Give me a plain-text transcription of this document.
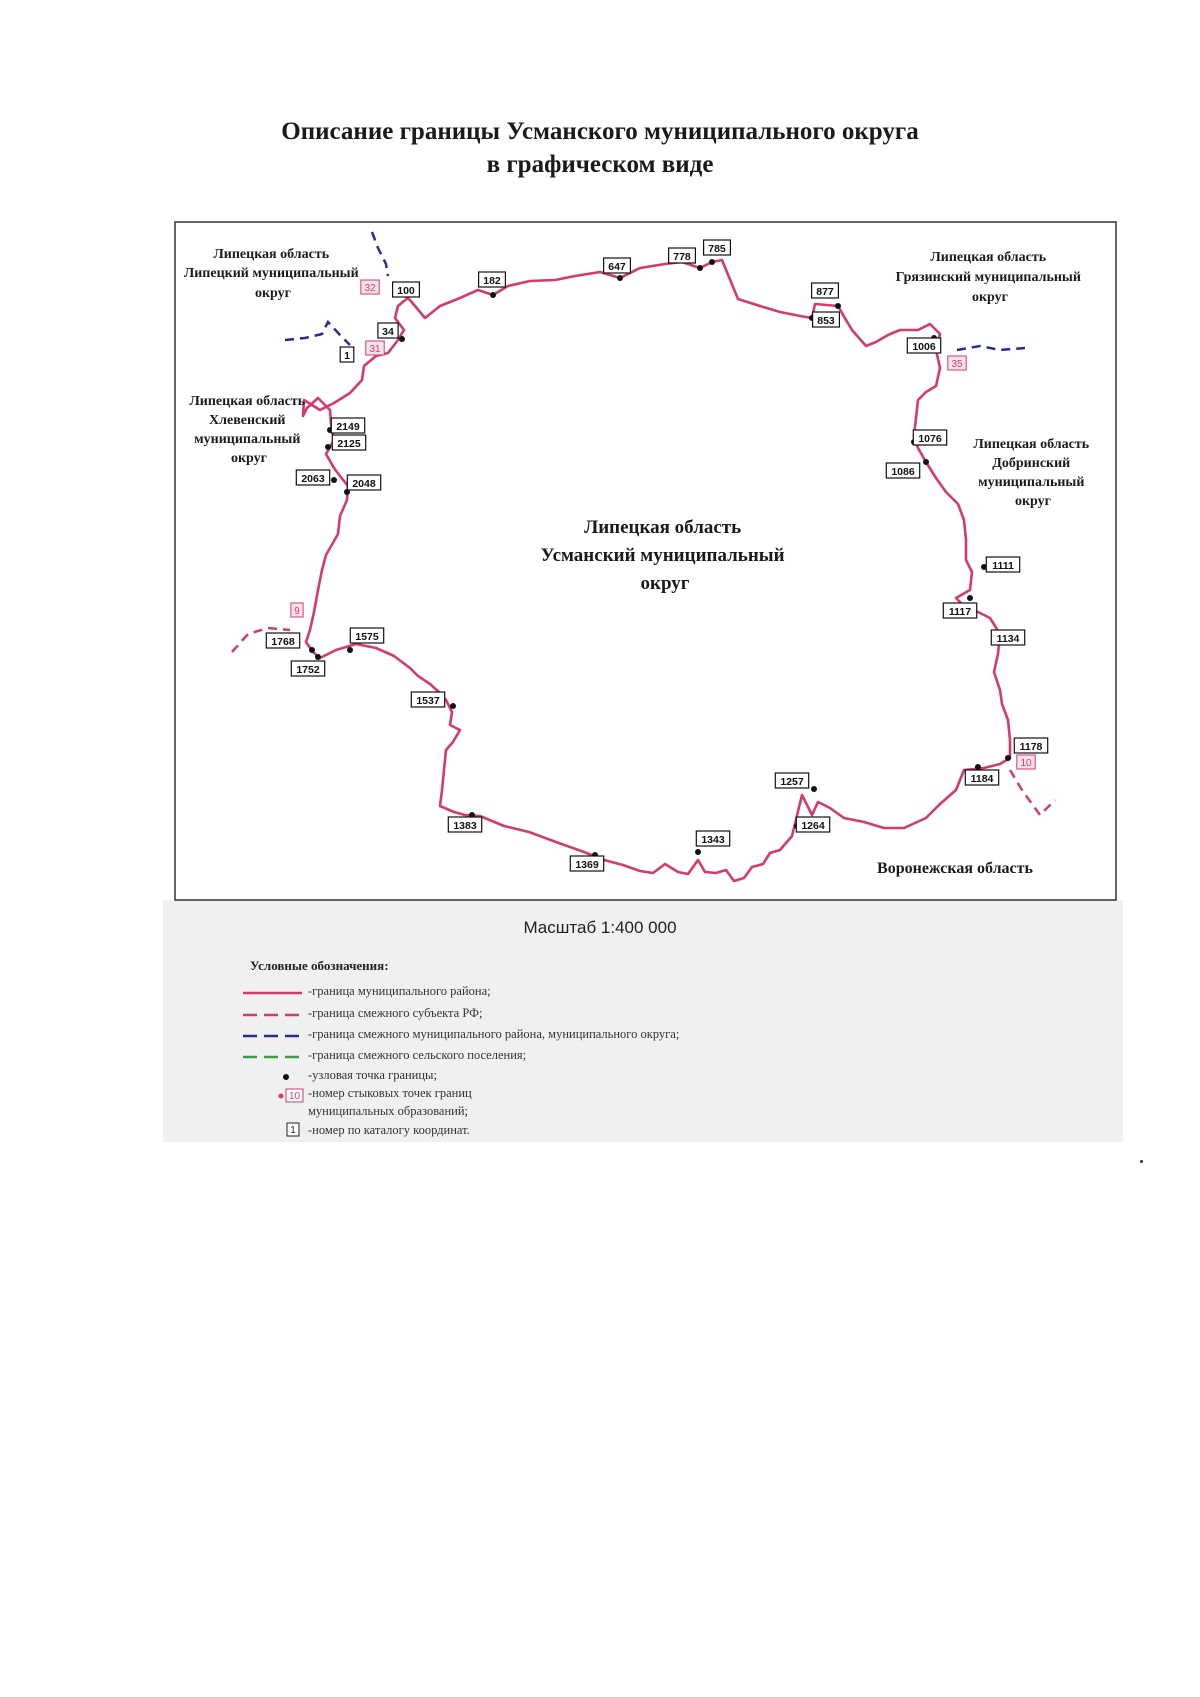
Описание границы Усманского муниципального округа
в графическом виде
Липецкая область Усманский муниципальный округ
Липецкая область Липецкий муниципальный округ
Липецкая область Грязинский муниципальный округ
Липецкая область Хлевенский муниципальный округ
Липецкая область Добринский муниципальный округ
Воронежская область
100
34
1
182
647
778
785
877
853
1006
1076
1086
1111
1117
1134
1178
1184
1257
1264
1343
1369
1383
1537
1575
1752
1768
2063	2048
2125
2149
32
31
35
10
9
10
1
Масштаб 1:400 000
Условные обозначения:
-граница муниципального района;
-граница смежного субъекта РФ;
-граница смежного муниципального района, муниципального округа;
-граница смежного сельского поселения;
-узловая точка границы;
-номер стыковых точек границ
муниципальных образований;
-номер по каталогу координат.
